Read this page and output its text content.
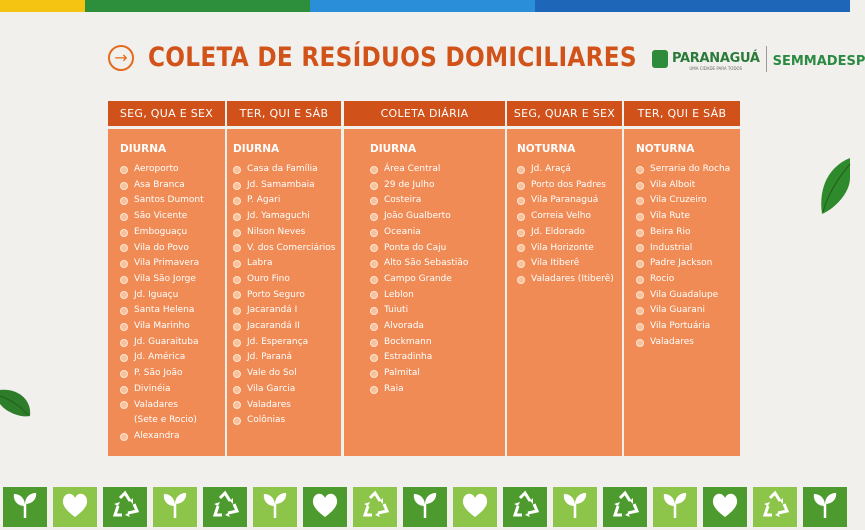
→ COLETA DE RESÍDUOS DOMICILIARES	PARANAGUÁ
UMA CIDADE PARA TODOS	SEMMADESP
SEG, QUA E SEX
DIURNA
Aeroporto
Asa Branca
Santos Dumont
São Vicente
Emboguaçu
Vila do Povo
Vila Primavera
Vila São Jorge
Jd. Iguaçu
Santa Helena
Vila Marinho
Jd. Guaraituba
Jd. América
P. São João
Divinéia
Valadares
(Sete e Rocio)
Alexandra
TER, QUI E SÁB
DIURNA
Casa da Família
Jd. Samambaia
P. Agari
Jd. Yamaguchi
Nilson Neves
V. dos Comerciários
Labra
Ouro Fino
Porto Seguro
Jacarandá I
Jacarandá II
Jd. Esperança
Jd. Paraná
Vale do Sol
Vila Garcia
Valadares
Colônias
COLETA DIÁRIA
DIURNA
Área Central
29 de Julho
Costeira
João Gualberto
Oceania
Ponta do Caju
Alto São Sebastião
Campo Grande
Leblon
Tuiuti
Alvorada
Bockmann
Estradinha
Palmital
Raia
SEG, QUAR E SEX
NOTURNA
Jd. Araçá
Porto dos Padres
Vila Paranaguá
Correia Velho
Jd. Eldorado
Vila Horizonte
Vila Itiberê
Valadares (Itiberê)
TER, QUI E SÁB
NOTURNA
Serraria do Rocha
Vila Alboit
Vila Cruzeiro
Vila Rute
Beira Rio
Industrial
Padre Jackson
Rocio
Vila Guadalupe
Vila Guarani
Vila Portuária
Valadares
